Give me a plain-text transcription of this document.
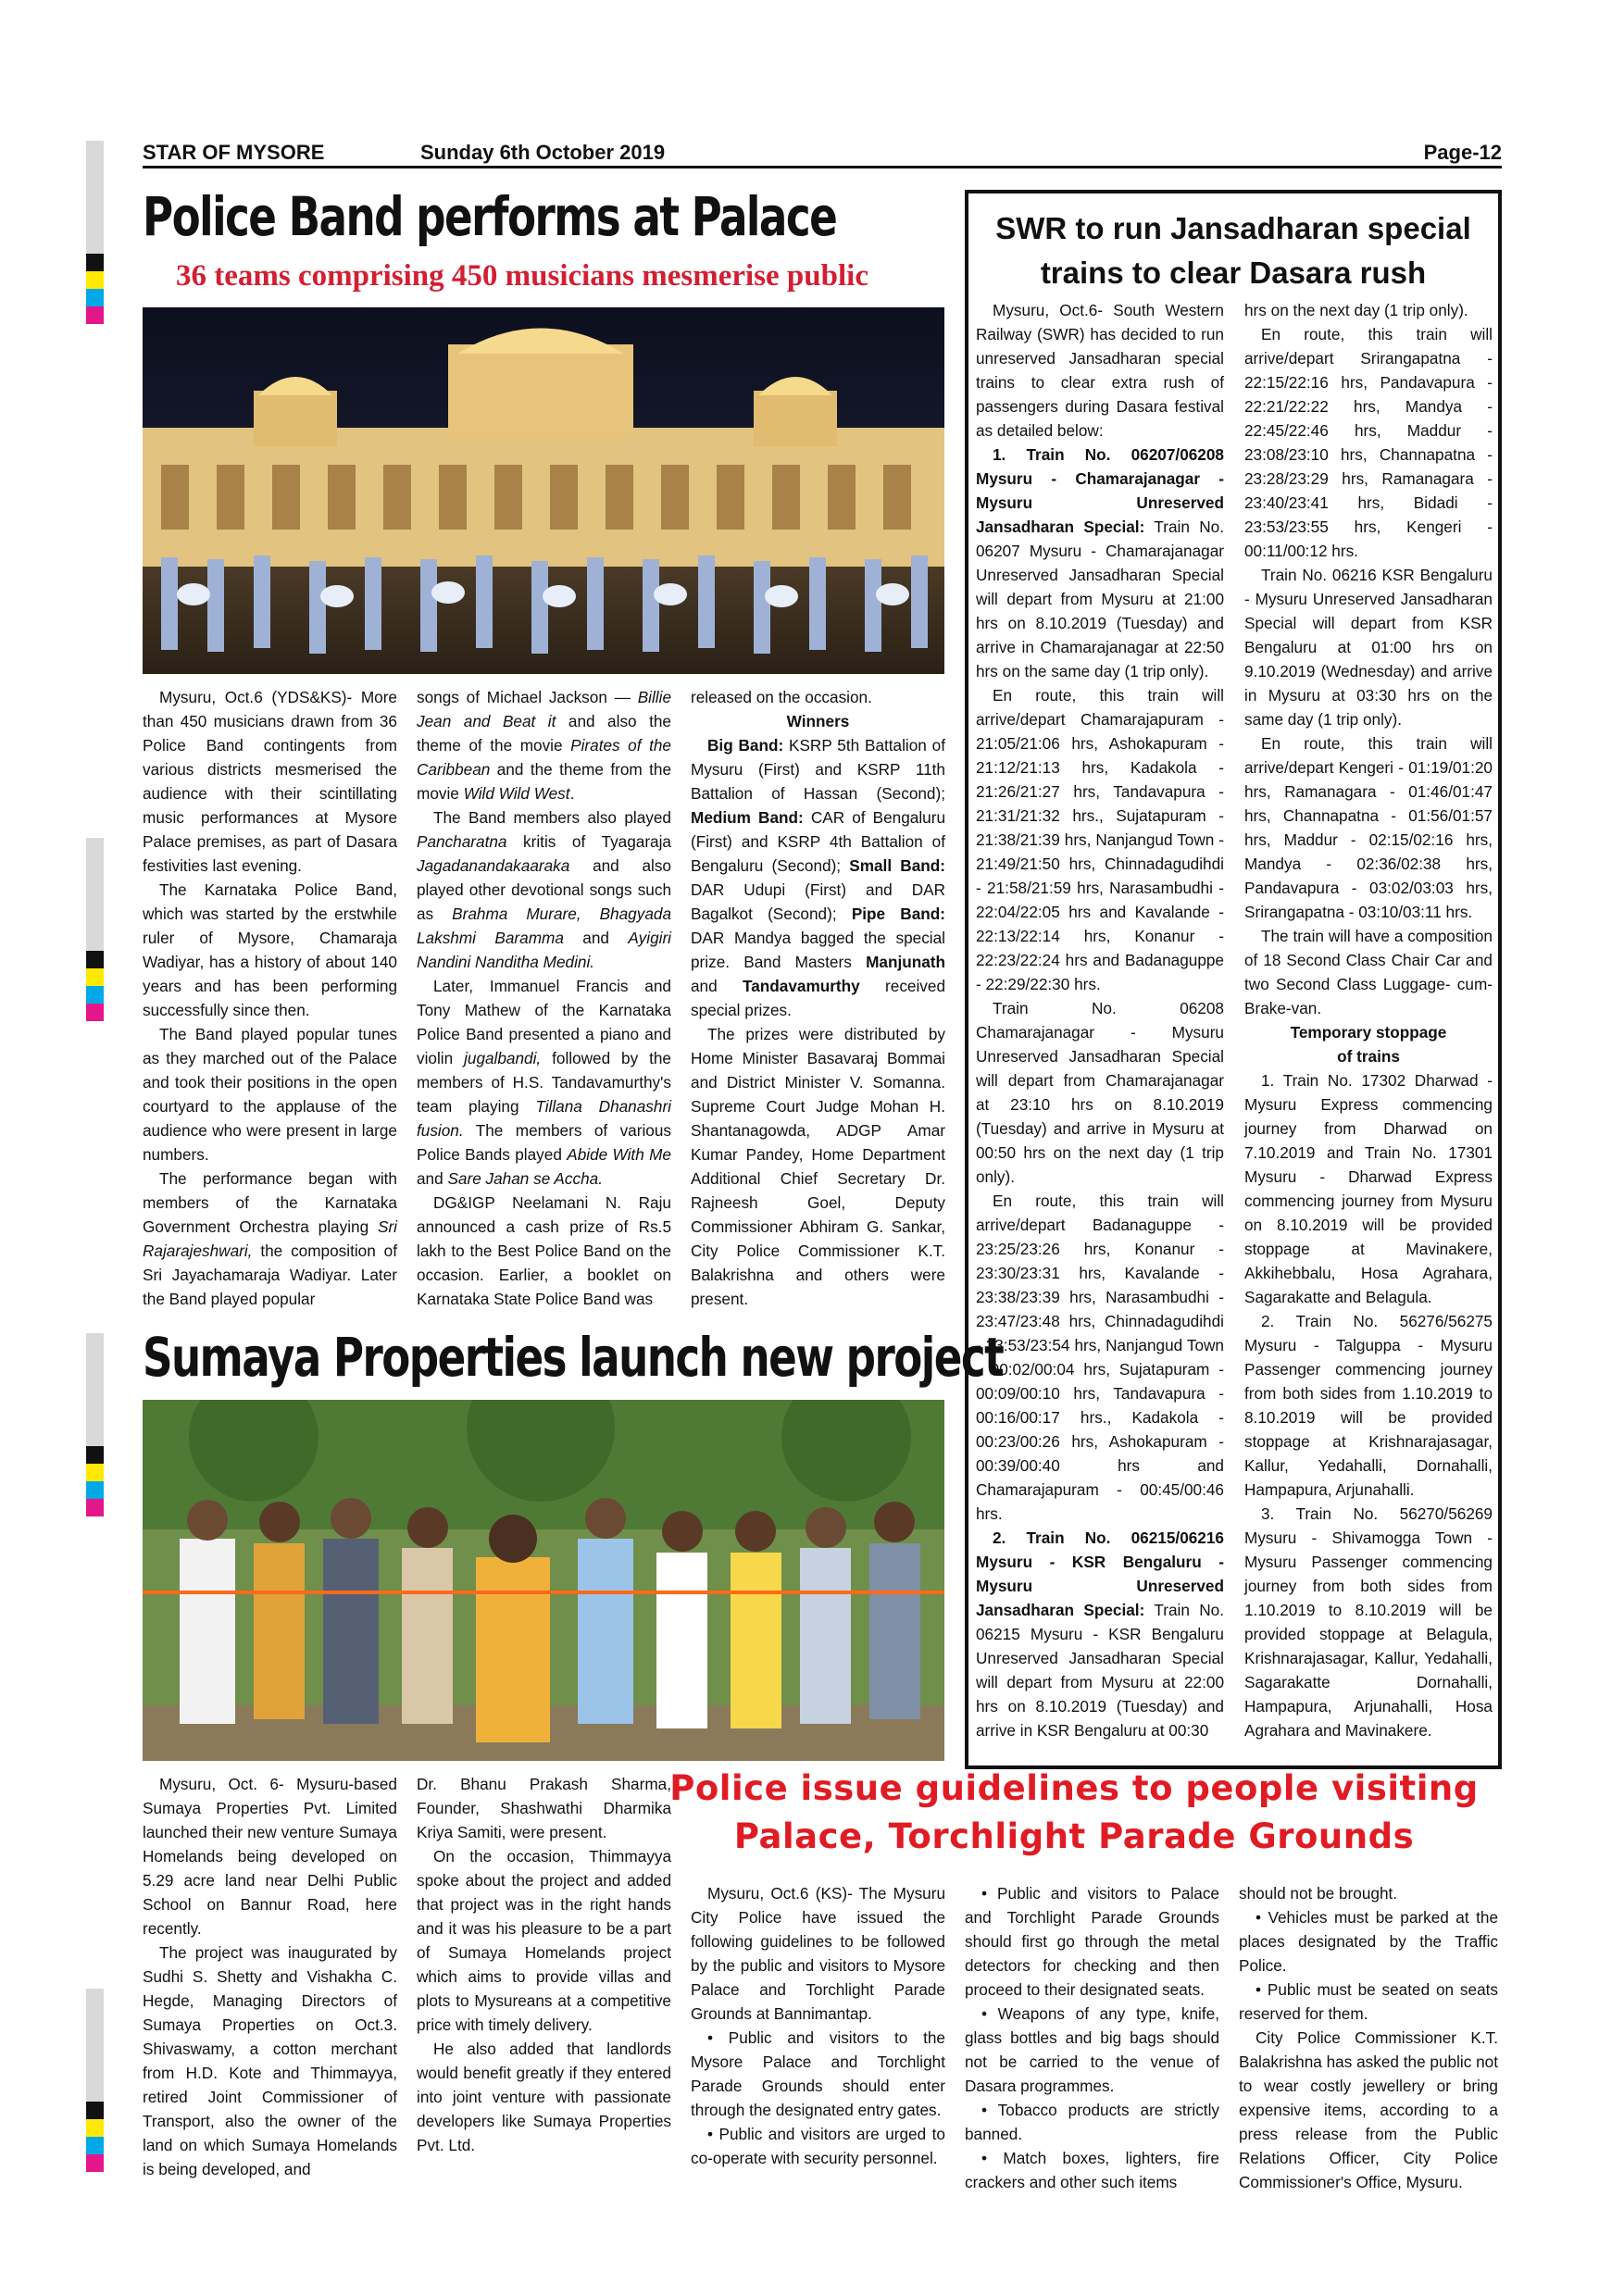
STAR OF MYSORE	Sunday 6th October 2019	Page-12
Police Band performs at Palace
36 teams comprising 450 musicians mesmerise public

Mysuru, Oct.6 (YDS&KS)- More than 450 musicians drawn from 36 Police Band contingents from various districts mesmerised the audience with their scintillating music performances at Mysore Palace premises, as part of Dasara festivities last evening.

The Karnataka Police Band, which was started by the erstwhile ruler of Mysore, Chamaraja Wadiyar, has a history of about 140 years and has been performing successfully since then.

The Band played popular tunes as they marched out of the Palace and took their positions in the open courtyard to the applause of the audience who were present in large numbers.

The performance began with members of the Karnataka Government Orchestra playing Sri Rajarajeshwari, the composition of Sri Jayachamaraja Wadiyar. Later the Band played popular

songs of Michael Jackson — Billie Jean and Beat it and also the theme of the movie Pirates of the Caribbean and the theme from the movie Wild Wild West.

The Band members also played Pancharatna kritis of Tyagaraja Jagadanandakaaraka and also played other devotional songs such as Brahma Murare, Bhagyada Lakshmi Baramma and Ayigiri Nandini Nanditha Medini.

Later, Immanuel Francis and Tony Mathew of the Karnataka Police Band presented a piano and violin jugalbandi, followed by the members of H.S. Tandavamurthy's team playing Tillana Dhanashri fusion. The members of various Police Bands played Abide With Me and Sare Jahan se Accha.

DG&IGP Neelamani N. Raju announced a cash prize of Rs.5 lakh to the Best Police Band on the occasion. Earlier, a booklet on Karnataka State Police Band was

released on the occasion.

Winners

Big Band: KSRP 5th Battalion of Mysuru (First) and KSRP 11th Battalion of Hassan (Second); Medium Band: CAR of Bengaluru (First) and KSRP 4th Battalion of Bengaluru (Second); Small Band: DAR Udupi (First) and DAR Bagalkot (Second); Pipe Band: DAR Mandya bagged the special prize. Band Masters Manjunath and Tandavamurthy received special prizes.

The prizes were distributed by Home Minister Basavaraj Bommai and District Minister V. Somanna. Supreme Court Judge Mohan H. Shantanagowda, ADGP Amar Kumar Pandey, Home Department Additional Chief Secretary Dr. Rajneesh Goel, Deputy Commissioner Abhiram G. Sankar, City Police Commissioner K.T. Balakrishna and others were present.

Sumaya Properties launch new project

Mysuru, Oct. 6- Mysuru-based Sumaya Properties Pvt. Limited launched their new venture Sumaya Homelands being developed on 5.29 acre land near Delhi Public School on Bannur Road, here recently.

The project was inaugurated by Sudhi S. Shetty and Vishakha C. Hegde, Managing Directors of Sumaya Properties on Oct.3. Shivaswamy, a cotton merchant from H.D. Kote and Thimmayya, retired Joint Commissioner of Transport, also the owner of the land on which Sumaya Homelands is being developed, and

Dr. Bhanu Prakash Sharma, Founder, Shashwathi Dharmika Kriya Samiti, were present.

On the occasion, Thimmayya spoke about the project and added that project was in the right hands and it was his pleasure to be a part of Sumaya Homelands project which aims to provide villas and plots to Mysureans at a competitive price with timely delivery.

He also added that landlords would benefit greatly if they entered into joint venture with passionate developers like Sumaya Properties Pvt. Ltd.

SWR to run Jansadharan special
trains to clear Dasara rush

Mysuru, Oct.6- South Western Railway (SWR) has decided to run unreserved Jansadharan special trains to clear extra rush of passengers during Dasara festival as detailed below:

1. Train No. 06207/06208 Mysuru - Chamarajanagar - Mysuru Unreserved Jansadharan Special: Train No. 06207 Mysuru - Chamarajanagar Unreserved Jansadharan Special will depart from Mysuru at 21:00 hrs on 8.10.2019 (Tuesday) and arrive in Chamarajanagar at 22:50 hrs on the same day (1 trip only).

En route, this train will arrive/depart Chamarajapuram - 21:05/21:06 hrs, Ashokapuram - 21:12/21:13 hrs, Kadakola - 21:26/21:27 hrs, Tandavapura - 21:31/21:32 hrs., Sujatapuram - 21:38/21:39 hrs, Nanjangud Town - 21:49/21:50 hrs, Chinnadagudihdi - 21:58/21:59 hrs, Narasambudhi - 22:04/22:05 hrs and Kavalande - 22:13/22:14 hrs, Konanur - 22:23/22:24 hrs and Badanaguppe - 22:29/22:30 hrs.

Train No. 06208 Chamarajanagar - Mysuru Unreserved Jansadharan Special will depart from Chamarajanagar at 23:10 hrs on 8.10.2019 (Tuesday) and arrive in Mysuru at 00:50 hrs on the next day (1 trip only).

En route, this train will arrive/depart Badanaguppe - 23:25/23:26 hrs, Konanur - 23:30/23:31 hrs, Kavalande - 23:38/23:39 hrs, Narasambudhi - 23:47/23:48 hrs, Chinnadagudihdi - 23:53/23:54 hrs, Nanjangud Town - 00:02/00:04 hrs, Sujatapuram - 00:09/00:10 hrs, Tandavapura - 00:16/00:17 hrs., Kadakola - 00:23/00:26 hrs, Ashokapuram - 00:39/00:40 hrs and Chamarajapuram - 00:45/00:46 hrs.

2. Train No. 06215/06216 Mysuru - KSR Bengaluru - Mysuru Unreserved Jansadharan Special: Train No. 06215 Mysuru - KSR Bengaluru Unreserved Jansadharan Special will depart from Mysuru at 22:00 hrs on 8.10.2019 (Tuesday) and arrive in KSR Bengaluru at 00:30

hrs on the next day (1 trip only).

En route, this train will arrive/depart Srirangapatna - 22:15/22:16 hrs, Pandavapura - 22:21/22:22 hrs, Mandya - 22:45/22:46 hrs, Maddur - 23:08/23:10 hrs, Channapatna - 23:28/23:29 hrs, Ramanagara - 23:40/23:41 hrs, Bidadi - 23:53/23:55 hrs, Kengeri - 00:11/00:12 hrs.

Train No. 06216 KSR Bengaluru - Mysuru Unreserved Jansadharan Special will depart from KSR Bengaluru at 01:00 hrs on 9.10.2019 (Wednesday) and arrive in Mysuru at 03:30 hrs on the same day (1 trip only).

En route, this train will arrive/depart Kengeri - 01:19/01:20 hrs, Ramanagara - 01:46/01:47 hrs, Channapatna - 01:56/01:57 hrs, Maddur - 02:15/02:16 hrs, Mandya - 02:36/02:38 hrs, Pandavapura - 03:02/03:03 hrs, Srirangapatna - 03:10/03:11 hrs.

The train will have a composition of 18 Second Class Chair Car and two Second Class Luggage- cum-Brake-van.

Temporary stoppage

of trains

1. Train No. 17302 Dharwad - Mysuru Express commencing journey from Dharwad on 7.10.2019 and Train No. 17301 Mysuru - Dharwad Express commencing journey from Mysuru on 8.10.2019 will be provided stoppage at Mavinakere, Akkihebbalu, Hosa Agrahara, Sagarakatte and Belagula.

2. Train No. 56276/56275 Mysuru - Talguppa - Mysuru Passenger commencing journey from both sides from 1.10.2019 to 8.10.2019 will be provided stoppage at Krishnarajasagar, Kallur, Yedahalli, Dornahalli, Hampapura, Arjunahalli.

3. Train No. 56270/56269 Mysuru - Shivamogga Town - Mysuru Passenger commencing journey from both sides from 1.10.2019 to 8.10.2019 will be provided stoppage at Belagula, Krishnarajasagar, Kallur, Yedahalli, Sagarakatte Dornahalli, Hampapura, Arjunahalli, Hosa Agrahara and Mavinakere.

Police issue guidelines to people visiting
Palace, Torchlight Parade Grounds

Mysuru, Oct.6 (KS)- The Mysuru City Police have issued the following guidelines to be followed by the public and visitors to Mysore Palace and Torchlight Parade Grounds at Bannimantap.

• Public and visitors to the Mysore Palace and Torchlight Parade Grounds should enter through the designated entry gates.

• Public and visitors are urged to co-operate with security personnel.

• Public and visitors to Palace and Torchlight Parade Grounds should first go through the metal detectors for checking and then proceed to their designated seats.

• Weapons of any type, knife, glass bottles and big bags should not be carried to the venue of Dasara programmes.

• Tobacco products are strictly banned.

• Match boxes, lighters, fire crackers and other such items

should not be brought.

• Vehicles must be parked at the places designated by the Traffic Police.

• Public must be seated on seats reserved for them.

City Police Commissioner K.T. Balakrishna has asked the public not to wear costly jewellery or bring expensive items, according to a press release from the Public Relations Officer, City Police Commissioner's Office, Mysuru.
